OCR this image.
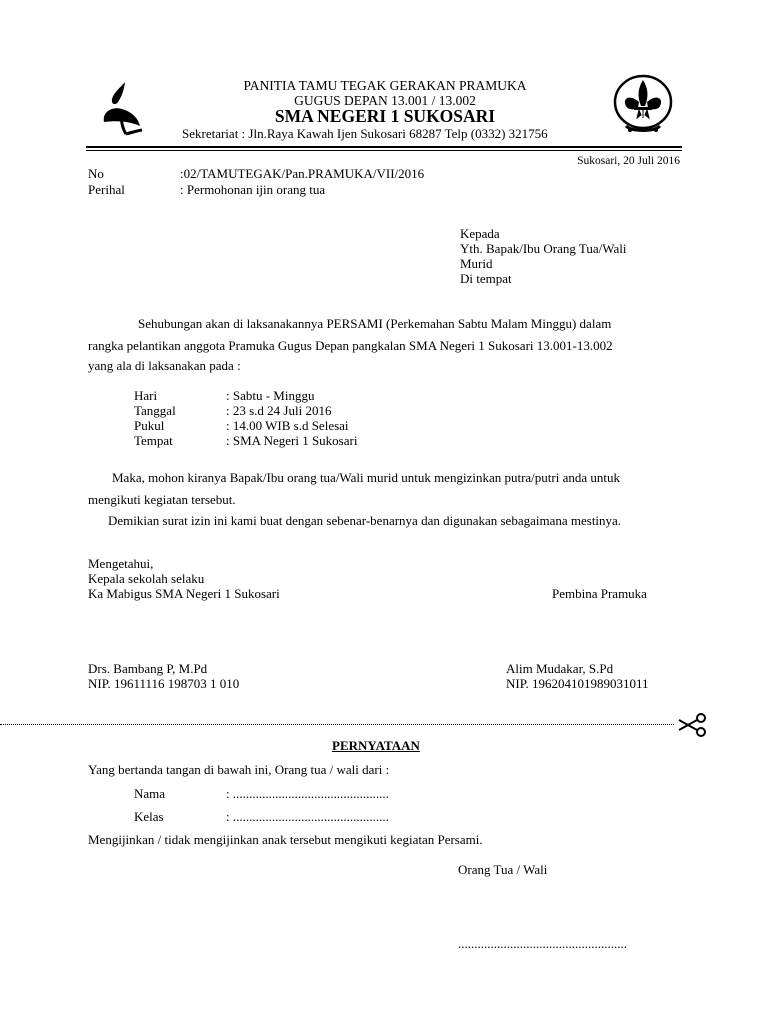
PANITIA TAMU TEGAK GERAKAN PRAMUKA
GUGUS DEPAN 13.001 / 13.002
SMA NEGERI 1 SUKOSARI
Sekretariat : Jln.Raya Kawah Ijen Sukosari 68287 Telp (0332) 321756
Sukosari, 20 Juli 2016
No	:02/TAMUTEGAK/Pan.PRAMUKA/VII/2016
Perihal	: Permohonan ijin orang tua
Kepada
Yth. Bapak/Ibu Orang Tua/Wali
Murid
Di tempat
Sehubungan akan di laksanakannya PERSAMI (Perkemahan Sabtu Malam Minggu) dalam
rangka pelantikan anggota Pramuka Gugus Depan pangkalan SMA Negeri 1 Sukosari 13.001-13.002
yang ala di laksanakan pada :
Hari	: Sabtu - Minggu
Tanggal	: 23 s.d 24 Juli 2016
Pukul	: 14.00 WIB s.d Selesai
Tempat	: SMA Negeri 1 Sukosari
Maka, mohon kiranya Bapak/Ibu orang tua/Wali murid untuk mengizinkan putra/putri anda untuk
mengikuti kegiatan tersebut.
Demikian surat izin ini kami buat dengan sebenar-benarnya dan digunakan sebagaimana mestinya.
Mengetahui,
Kepala sekolah selaku
Ka Mabigus SMA Negeri 1 Sukosari	Pembina Pramuka
Drs. Bambang P, M.Pd
NIP. 19611116 198703 1 010
Alim Mudakar, S.Pd
NIP. 196204101989031011
PERNYATAAN
Yang bertanda tangan di bawah ini, Orang tua / wali dari :
Nama	: ................................................
Kelas	: ................................................
Mengijinkan / tidak mengijinkan anak tersebut mengikuti kegiatan Persami.
Orang Tua / Wali
....................................................
